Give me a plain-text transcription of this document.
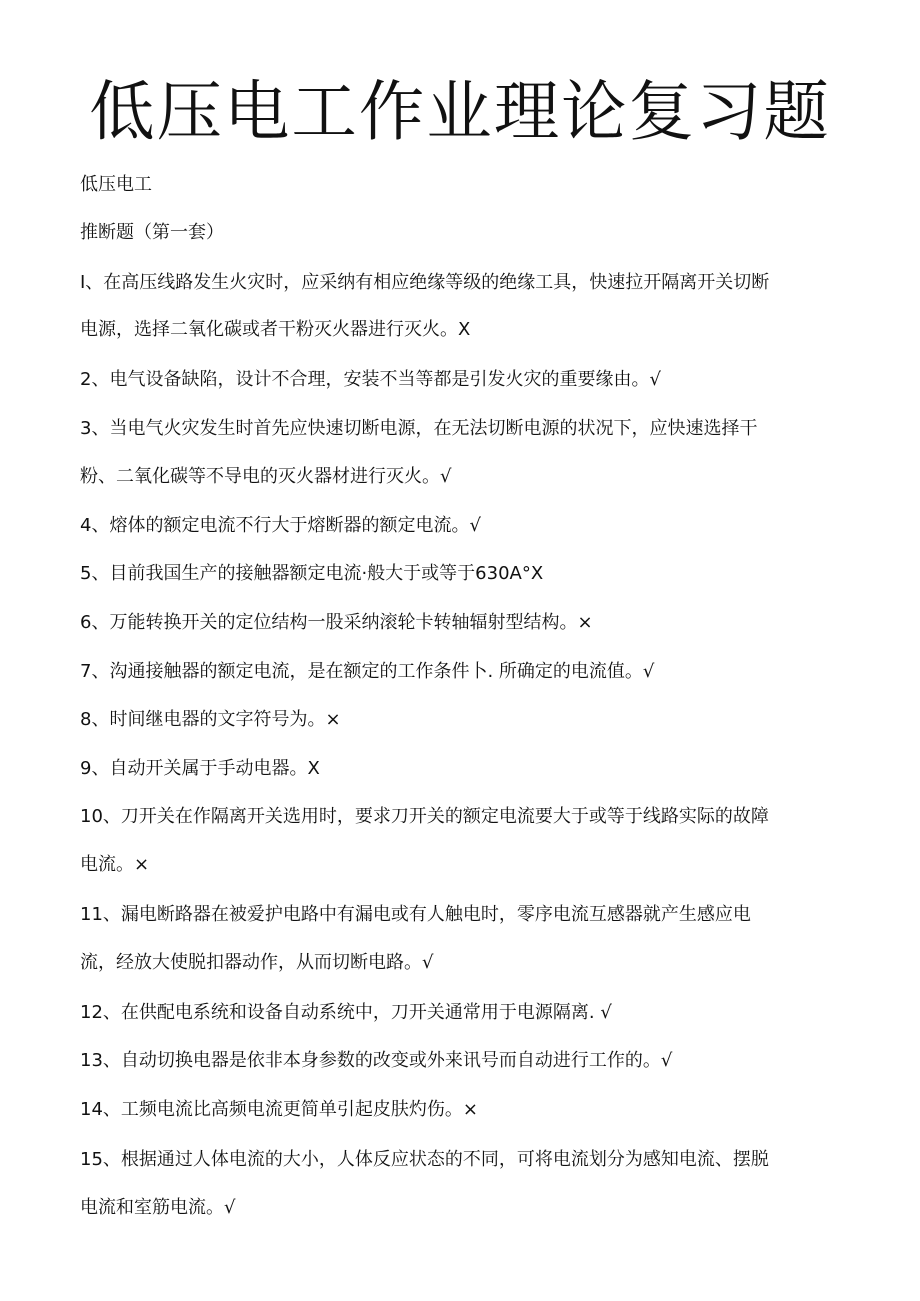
低压电工作业理论复习题
低压电工
推断题（第一套）
I、在高压线路发生火灾时，应采纳有相应绝缘等级的绝缘工具，快速拉开隔离开关切断
电源，选择二氧化碳或者干粉灭火器进行灭火。X
2、电气设备缺陷，设计不合理，安装不当等都是引发火灾的重要缘由。√
3、当电气火灾发生时首先应快速切断电源，在无法切断电源的状况下，应快速选择干
粉、二氧化碳等不导电的灭火器材进行灭火。√
4、熔体的额定电流不行大于熔断器的额定电流。√
5、目前我国生产的接触器额定电流·般大于或等于630A°X
6、万能转换开关的定位结构一股采纳滚轮卡转轴辐射型结构。×
7、沟通接触器的额定电流，是在额定的工作条件卜. 所确定的电流值。√
8、时间继电器的文字符号为。×
9、自动开关属于手动电器。X
10、刀开关在作隔离开关选用时，要求刀开关的额定电流要大于或等于线路实际的故障
电流。×
11、漏电断路器在被爱护电路中有漏电或有人触电时，零序电流互感器就产生感应电
流，经放大使脱扣器动作，从而切断电路。√
12、在供配电系统和设备自动系统中，刀开关通常用于电源隔离. √
13、自动切换电器是依非本身参数的改变或外来讯号而自动进行工作的。√
14、工频电流比高频电流更简单引起皮肤灼伤。×
15、根据通过人体电流的大小，人体反应状态的不同，可将电流划分为感知电流、摆脱
电流和室筋电流。√
